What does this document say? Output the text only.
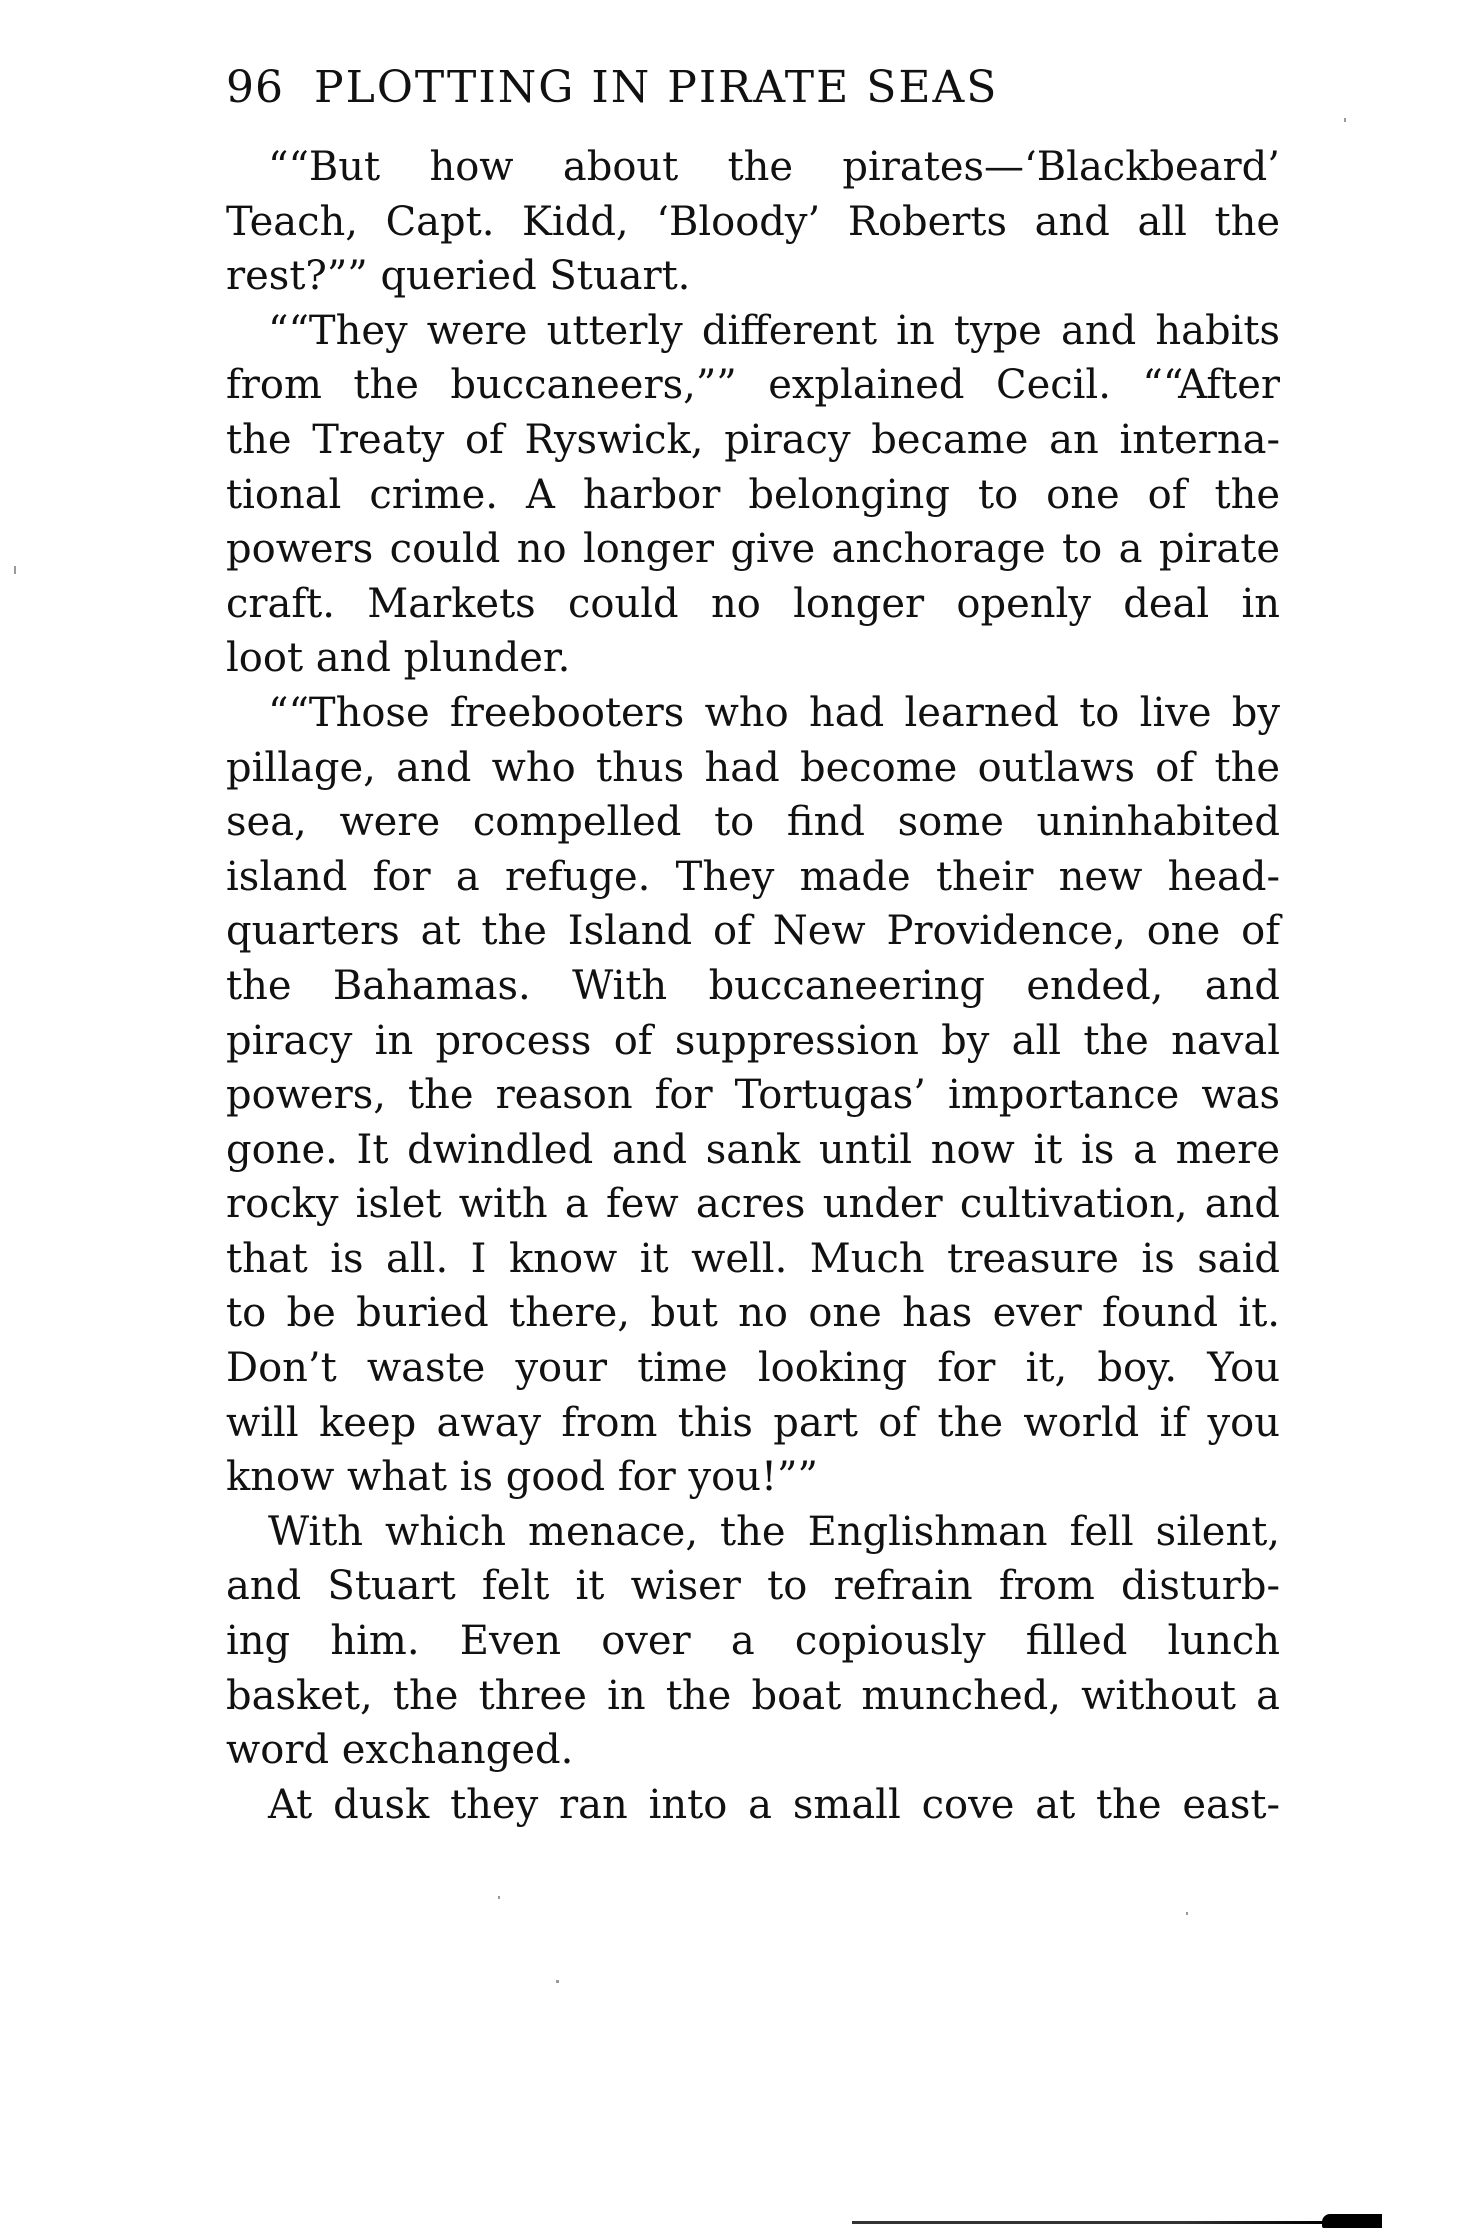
96 PLOTTING IN PIRATE SEAS
““But how about the pirates—‘Blackbeard’
Teach, Capt. Kidd, ‘Bloody’ Roberts and all the
rest?”” queried Stuart.
““They were utterly different in type and habits
from the buccaneers,”” explained Cecil. ““After
the Treaty of Ryswick, piracy became an interna-
tional crime. A harbor belonging to one of the
powers could no longer give anchorage to a pirate
craft. Markets could no longer openly deal in
loot and plunder.
““Those freebooters who had learned to live by
pillage, and who thus had become outlaws of the
sea, were compelled to find some uninhabited
island for a refuge. They made their new head-
quarters at the Island of New Providence, one of
the Bahamas. With buccaneering ended, and
piracy in process of suppression by all the naval
powers, the reason for Tortugas’ importance was
gone. It dwindled and sank until now it is a mere
rocky islet with a few acres under cultivation, and
that is all. I know it well. Much treasure is said
to be buried there, but no one has ever found it.
Don’t waste your time looking for it, boy. You
will keep away from this part of the world if you
know what is good for you!””
With which menace, the Englishman fell silent,
and Stuart felt it wiser to refrain from disturb-
ing him. Even over a copiously filled lunch
basket, the three in the boat munched, without a
word exchanged.
At dusk they ran into a small cove at the east-
